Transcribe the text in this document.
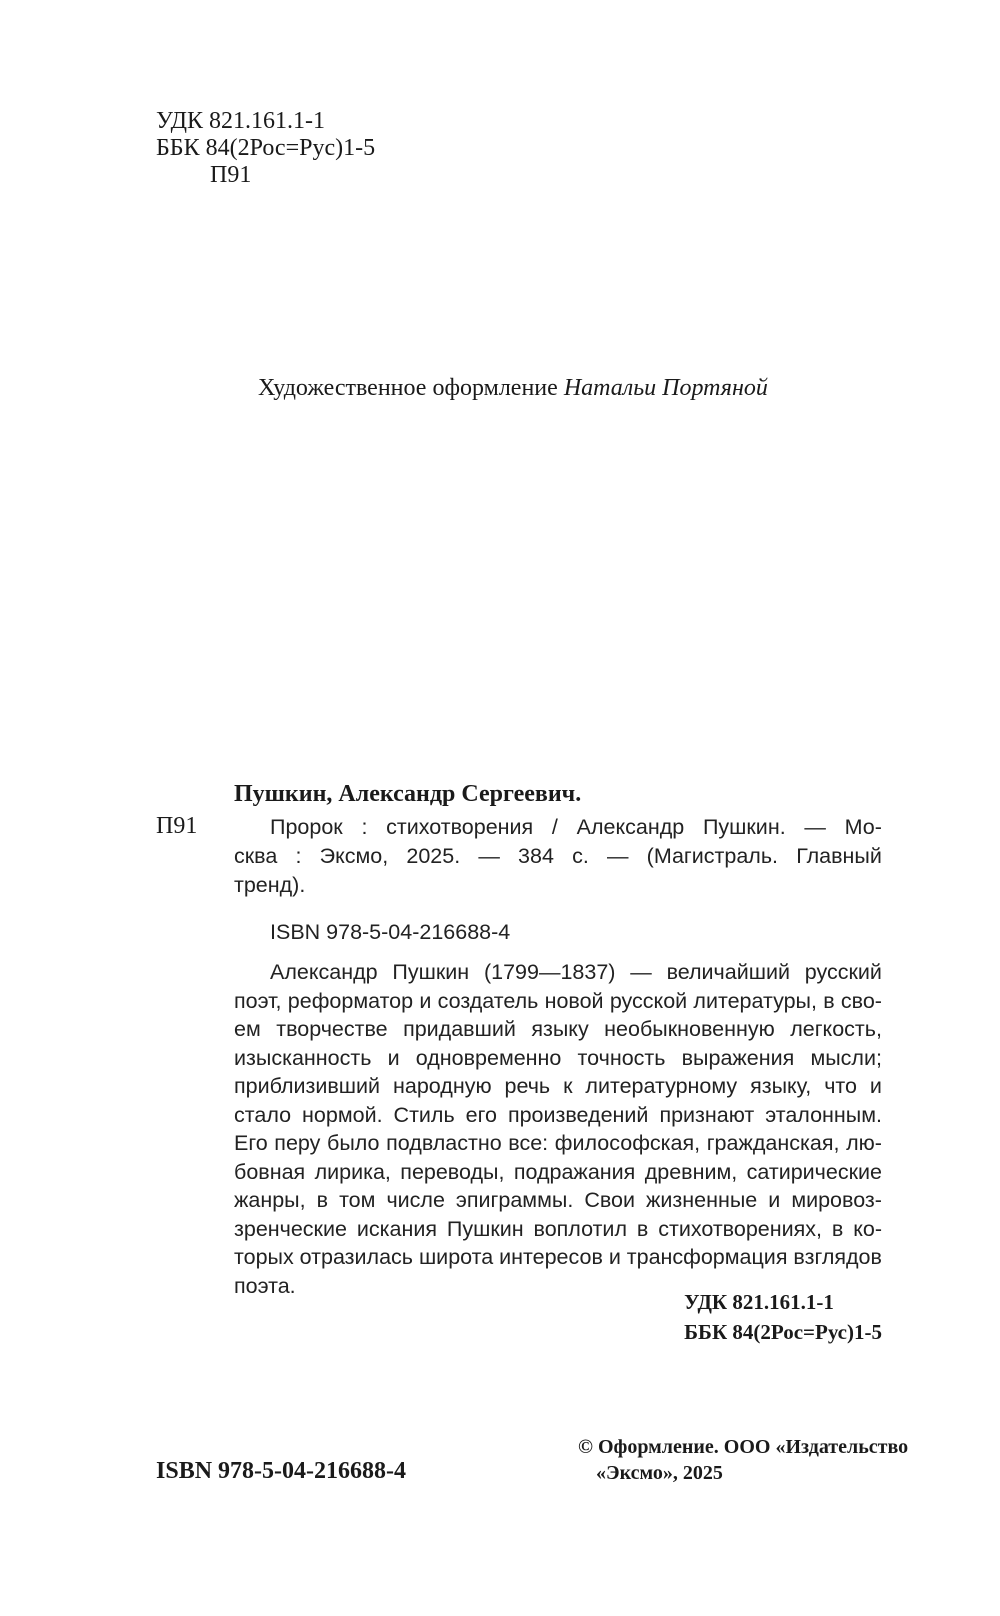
УДК 821.161.1-1
ББК 84(2Рос=Рус)1-5
П91
Художественное оформление Натальи Портяной
Пушкин, Александр Сергеевич.
П91	Пророк : стихотворения / Александр Пушкин. — Мо-
сква : Эксмо, 2025. — 384 с. — (Магистраль. Главный
тренд).
ISBN 978-5-04-216688-4
Александр Пушкин (1799—1837) — величайший русский
поэт, реформатор и создатель новой русской литературы, в сво-
ем творчестве придавший языку необыкновенную легкость,
изысканность и одновременно точность выражения мысли;
приблизивший народную речь к литературному языку, что и
стало нормой. Стиль его произведений признают эталонным.
Его перу было подвластно все: философская, гражданская, лю-
бовная лирика, переводы, подражания древним, сатирические
жанры, в том числе эпиграммы. Свои жизненные и мировоз-
зренческие искания Пушкин воплотил в стихотворениях, в ко-
торых отразилась широта интересов и трансформация взглядов
поэта.
УДК 821.161.1-1
ББК 84(2Рос=Рус)1-5
ISBN 978-5-04-216688-4
© Оформление. ООО «Издательство
«Эксмо», 2025
